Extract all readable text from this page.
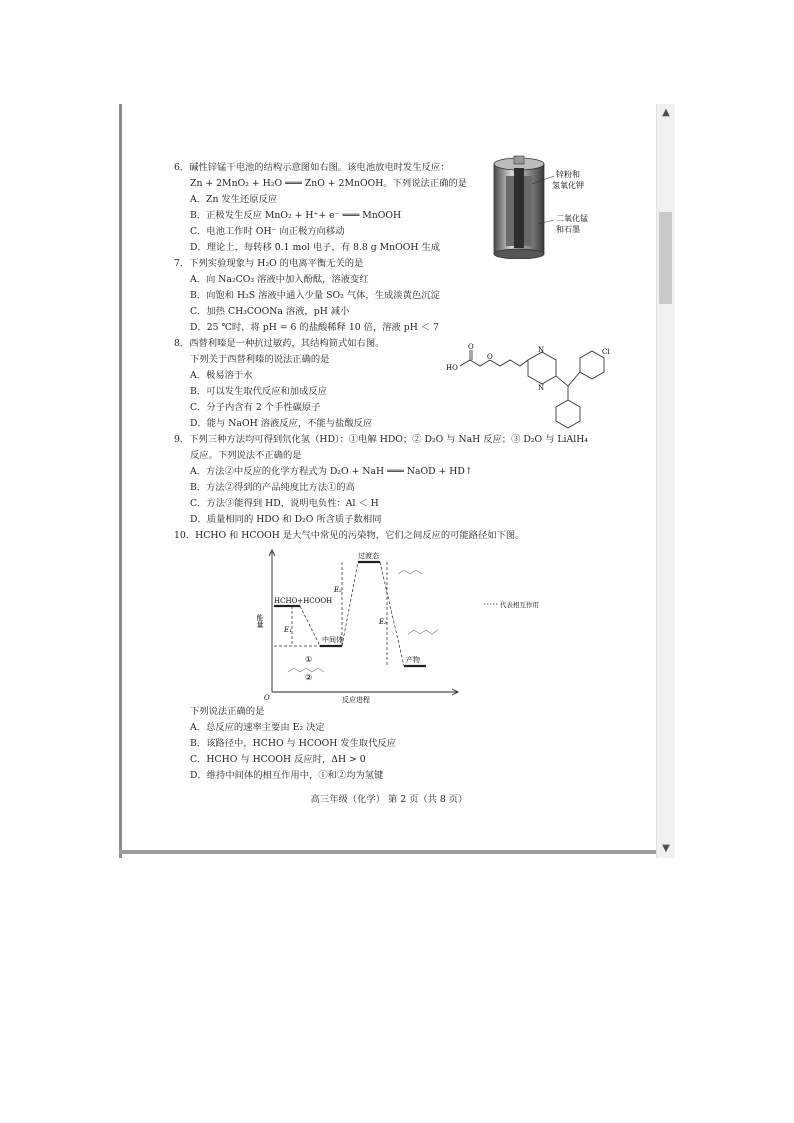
▲
▼
6．碱性锌锰干电池的结构示意图如右图。该电池放电时发生反应：
Zn + 2MnO₂ + H₂O ═══ ZnO + 2MnOOH。下列说法正确的是
A．Zn 发生还原反应
B．正极发生反应 MnO₂ + H⁺+ e⁻ ═══ MnOOH
C．电池工作时 OH⁻ 向正极方向移动
D．理论上，每转移 0.1 mol 电子，有 8.8 g MnOOH 生成
锌粉和
氢氧化钾
二氧化锰
和石墨
7．下列实验现象与 H₂O 的电离平衡无关的是
A．向 Na₂CO₃ 溶液中加入酚酞，溶液变红
B．向饱和 H₂S 溶液中通入少量 SO₂ 气体，生成淡黄色沉淀
C．加热 CH₃COONa 溶液，pH 减小
D．25 ℃时，将 pH = 6 的盐酸稀释 10 倍，溶液 pH ＜ 7
8．西替利嗪是一种抗过敏药，其结构简式如右图。
下列关于西替利嗪的说法正确的是
A．极易溶于水
B．可以发生取代反应和加成反应
C．分子内含有 2 个手性碳原子
D．能与 NaOH 溶液反应，不能与盐酸反应
HO
O
O
N
N
Cl
9．下列三种方法均可得到氘化氢（HD）：①电解 HDO；② D₂O 与 NaH 反应；③ D₂O 与 LiAlH₄
反应。下列说法不正确的是
A．方法②中反应的化学方程式为 D₂O + NaH ═══ NaOD + HD↑
B．方法②得到的产品纯度比方法①的高
C．方法③能得到 HD，说明电负性：Al ＜ H
D．质量相同的 HDO 和 D₂O 所含质子数相同
10．HCHO 和 HCOOH 是大气中常见的污染物，它们之间反应的可能路径如下图。
能量
O	反应进程
HCHO+HCOOH
中间体
过渡态
产物
E₁
E₂
E₃
代表相互作用
①
②
下列说法正确的是
A．总反应的速率主要由 E₂ 决定
B．该路径中，HCHO 与 HCOOH 发生取代反应
C．HCHO 与 HCOOH 反应时，ΔH > 0
D．维持中间体的相互作用中，①和②均为氢键
高三年级（化学） 第 2 页（共 8 页）
